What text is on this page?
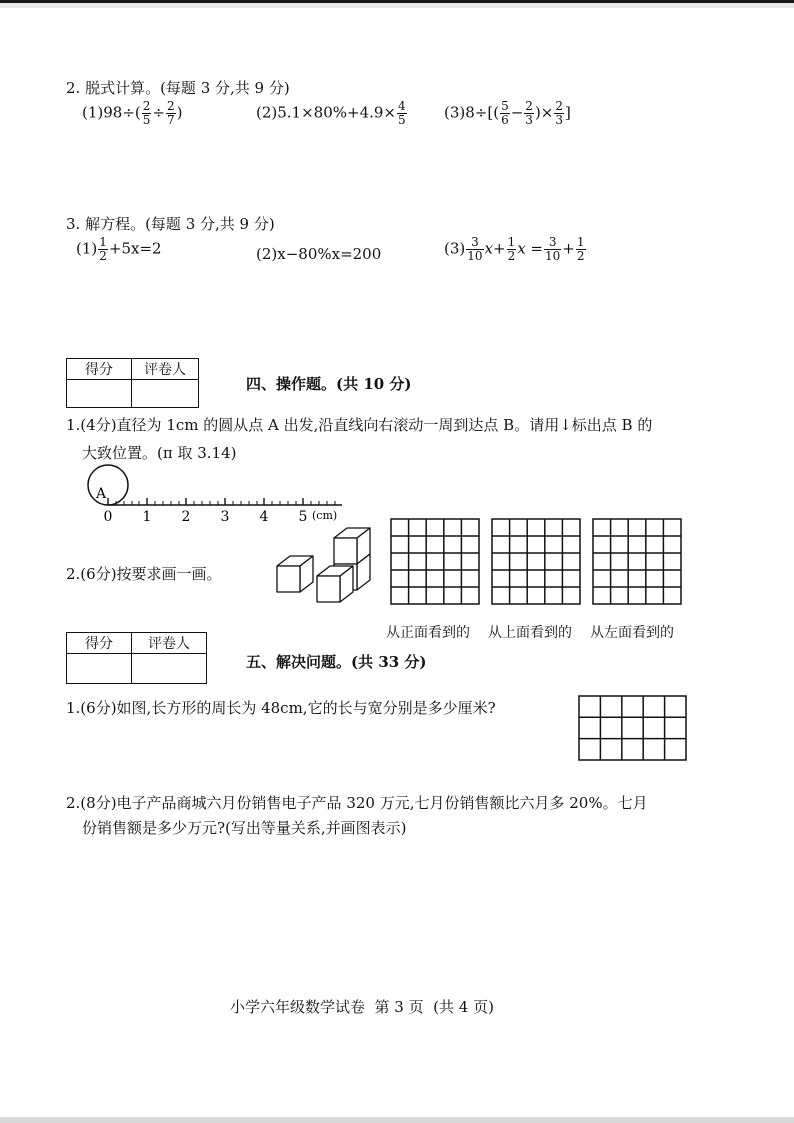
2. 脱式计算。(每题 3 分,共 9 分)
$(1)98\div( \frac{2}{5} \div \frac{2}{7}$ )	$(2)5.1\times 80\%+4.9\times \frac{4}{5} (3)8\div[( \frac{5}{6} - \frac{2}{3}$ )× $\frac{2}{3}$ ]
3. 解方程。(每题 3 分,共 9 分)
$(1) \frac{1}{2} +5x=2$	(2)x−80%x=200	$(3) \frac{3}{10} x+ \frac{1}{2}$ $x = \frac{3}{10} + \frac{1}{2}$
得分	评卷人

四、操作题。(共 10 分)
1.(4分)直径为 1cm 的圆从点 A 出发,沿直线向右滚动一周到达点 B。请用↓标出点 B 的
大致位置。(π 取 3.14)
A
0 1 2 3 4 5 (cm)
2.(6分)按要求画一画。
从正面看到的 从上面看到的 从左面看到的
得分	评卷人

五、解决问题。(共 33 分)
1.(6分)如图,长方形的周长为 48cm,它的长与宽分别是多少厘米?
2.(8分)电子产品商城六月份销售电子产品 320 万元,七月份销售额比六月多 20%。七月
份销售额是多少万元?(写出等量关系,并画图表示)
小学六年级数学试卷  第 3 页  (共 4 页)
